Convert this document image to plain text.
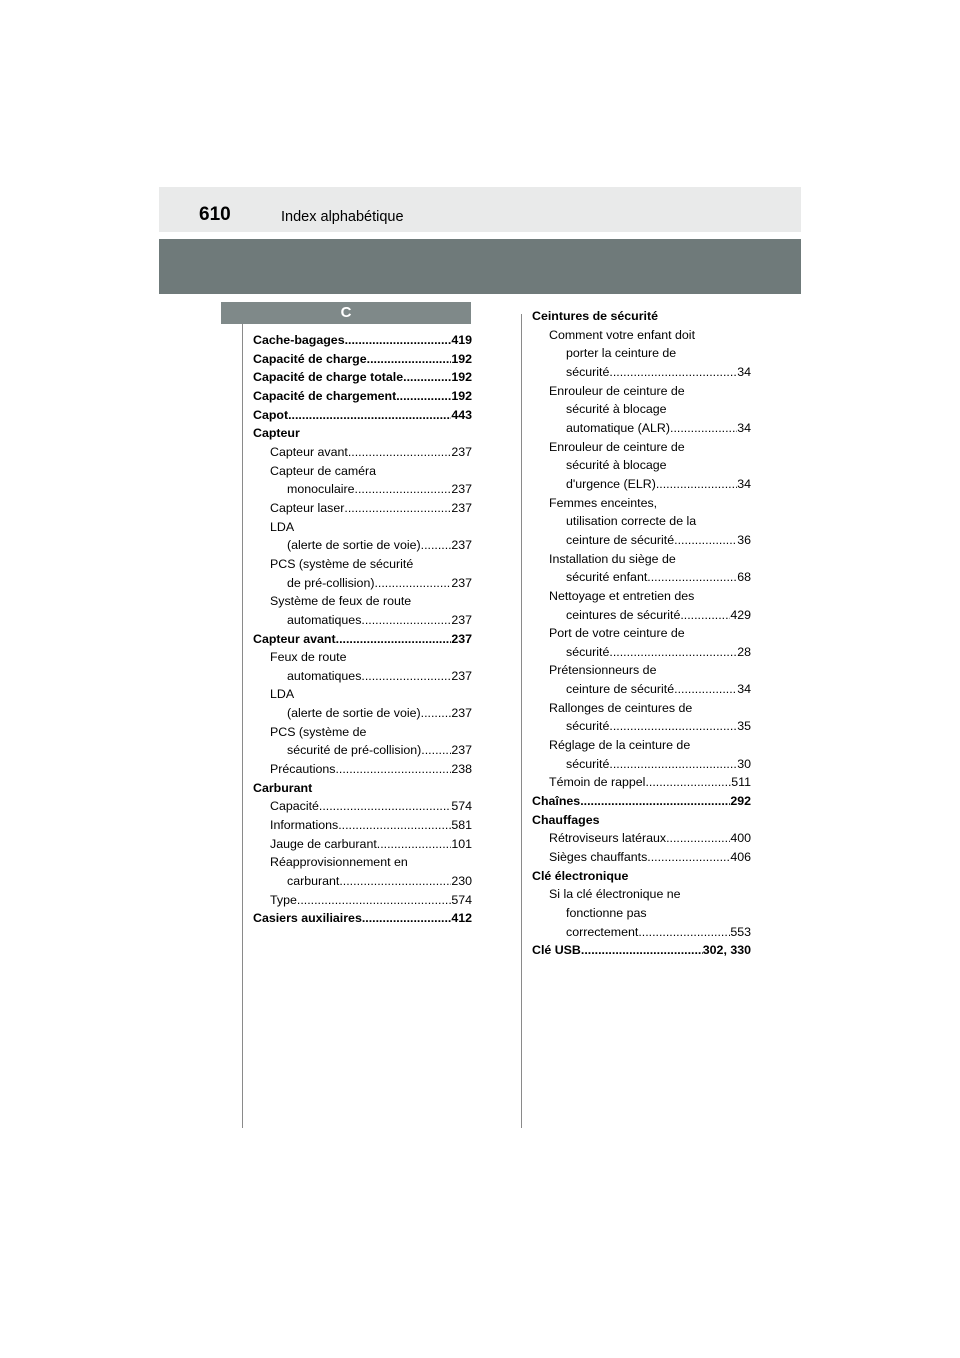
610	Index alphabétique
C
Cache-bagages .....	419
Capacité de charge .....	192
Capacité de charge totale .....	192
Capacité de chargement .....	192
Capot .....	443
Capteur
Capteur avant .....	237
Capteur de caméra
monoculaire .....	237
Capteur laser .....	237
LDA
(alerte de sortie de voie) ..... 237
PCS (système de sécurité
de pré-collision) .....	237
Système de feux de route
automatiques .....	237
Capteur avant .....	237
Feux de route
automatiques .....	237
LDA
(alerte de sortie de voie) ..... 237
PCS (système de
sécurité de pré-collision) ..... 237
Précautions .....	238
Carburant
Capacité .....	574
Informations .....	581
Jauge de carburant .....	101
Réapprovisionnement en
carburant .....	230
Type .....	574
Casiers auxiliaires .....	412
Ceintures de sécurité
Comment votre enfant doit
porter la ceinture de
sécurité .....	34
Enrouleur de ceinture de
sécurité à blocage
automatique (ALR) .....	34
Enrouleur de ceinture de
sécurité à blocage
d'urgence (ELR) .....	34
Femmes enceintes,
utilisation correcte de la
ceinture de sécurité .....	36
Installation du siège de
sécurité enfant .....	68
Nettoyage et entretien des
ceintures de sécurité .....	429
Port de votre ceinture de
sécurité .....	28
Prétensionneurs de
ceinture de sécurité .....	34
Rallonges de ceintures de
sécurité .....	35
Réglage de la ceinture de
sécurité .....	30
Témoin de rappel .....	511
Chaînes .....	292
Chauffages
Rétroviseurs latéraux .....	400
Sièges chauffants .....	406
Clé électronique
Si la clé électronique ne
fonctionne pas
correctement .....	553
Clé USB .....	302, 330
